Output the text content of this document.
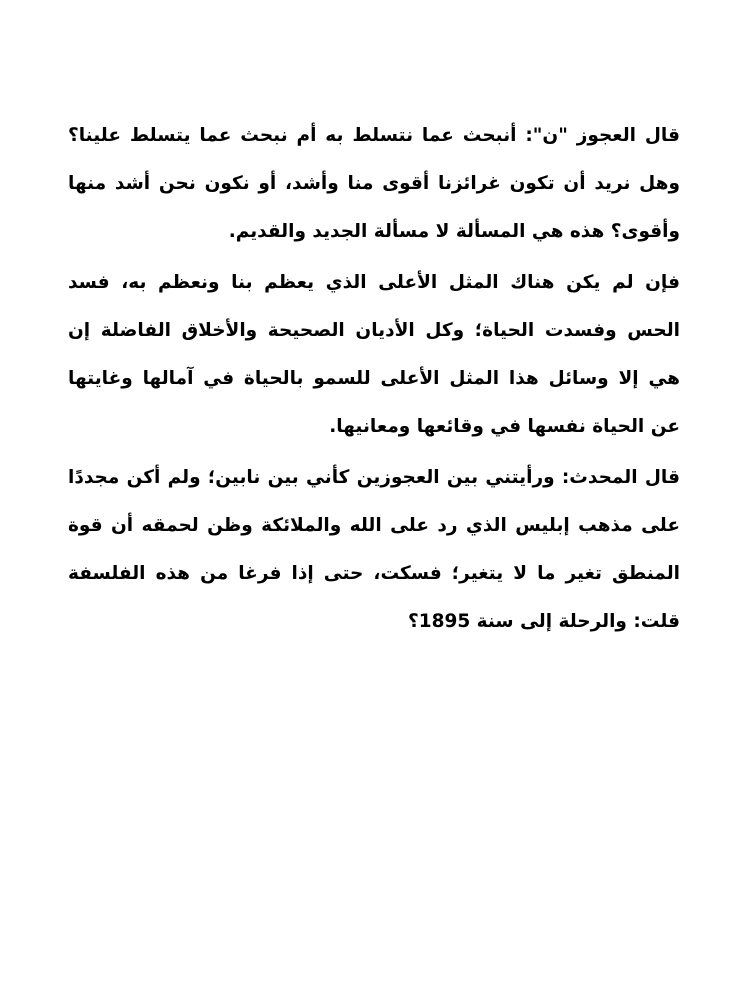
قال العجوز "ن": أنبحث عما نتسلط به أم نبحث عما يتسلط علينا؟ وهل نريد أن تكون غرائزنا أقوى منا وأشد، أو نكون نحن أشد منها وأقوى؟ هذه هي المسألة لا مسألة الجديد والقديم.

فإن لم يكن هناك المثل الأعلى الذي يعظم بنا ونعظم به، فسد الحس وفسدت الحياة؛ وكل الأديان الصحيحة والأخلاق الفاضلة إن هي إلا وسائل هذا المثل الأعلى للسمو بالحياة في آمالها وغايتها عن الحياة نفسها في وقائعها ومعانيها.

قال المحدث: ورأيتني بين العجوزين كأني بين نابين؛ ولم أكن مجددًا على مذهب إبليس الذي رد على الله والملائكة وظن لحمقه أن قوة المنطق تغير ما لا يتغير؛ فسكت، حتى إذا فرغا من هذه الفلسفة قلت: والرحلة إلى سنة 1895؟
